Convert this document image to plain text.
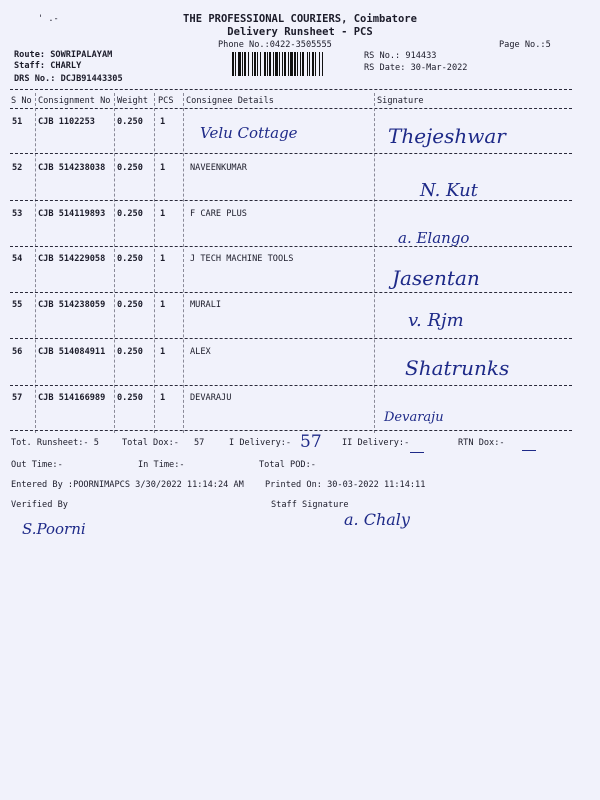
' .-	THE PROFESSIONAL COURIERS, Coimbatore
Delivery Runsheet - PCS
Phone No.:0422-3505555	Page No.:5
Route: SOWRIPALAYAM
Staff: CHARLY
DRS No.: DCJB91443305
RS No.: 914433
RS Date: 30-Mar-2022
S No Consignment No Weight PCS Consignee Details	Signature
51 CJB 1102253	0.250 1
Velu Cottage	Thejeshwar
52 CJB 514238038 0.250 1	NAVEENKUMAR
N. Kut
53 CJB 514119893 0.250 1	F CARE PLUS
a. Elango
54 CJB 514229058 0.250 1	J TECH MACHINE TOOLS
Jasentan
55 CJB 514238059 0.250 1	MURALI
v. Rjm
56 CJB 514084911 0.250 1	ALEX
Shatrunks
57 CJB 514166989 0.250 1	DEVARAJU
Devaraju
Tot. Runsheet:- 5	Total Dox:- 57	I Delivery:- 57 II Delivery:-	RTN Dox:-
Out Time:-	In Time:-	Total POD:-
Entered By :POORNIMAPCS 3/30/2022 11:14:24 AM Printed On: 30-03-2022 11:14:11
Verified By	Staff Signature
S.Poorni	a. Chaly
